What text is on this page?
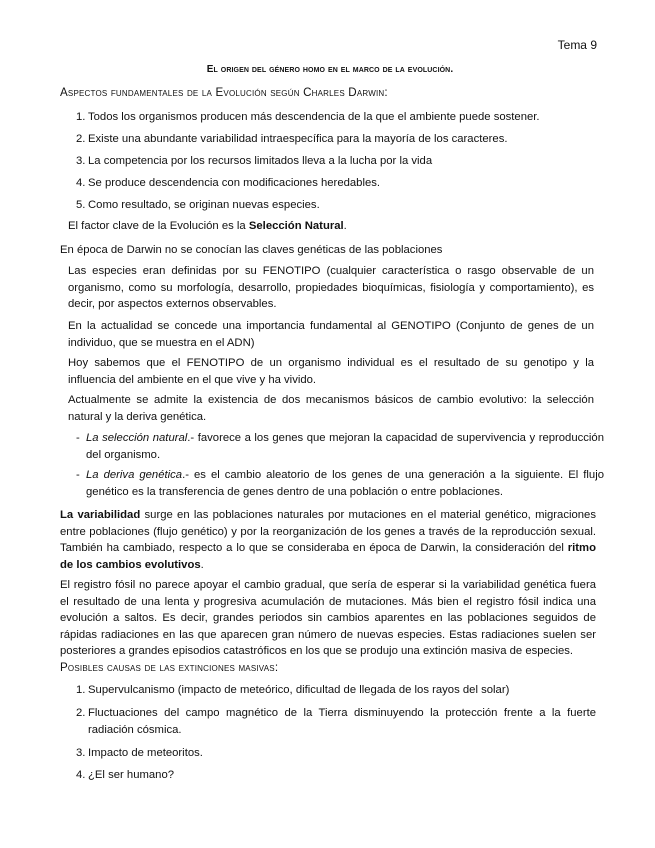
Tema 9
El origen del género homo en el marco de la evolución.
Aspectos fundamentales de la Evolución según Charles Darwin:
1. Todos los organismos producen más descendencia de la que el ambiente puede sostener.
2. Existe una abundante variabilidad intraespecífica para la mayoría de los caracteres.
3. La competencia por los recursos limitados lleva a la lucha por la vida
4. Se produce descendencia con modificaciones heredables.
5. Como resultado, se originan nuevas especies.
El factor clave de la Evolución es la Selección Natural.
En época de Darwin no se conocían las claves genéticas de las poblaciones
Las especies eran definidas por su FENOTIPO (cualquier característica o rasgo observable de un organismo, como su morfología, desarrollo, propiedades bioquímicas, fisiología y comportamiento), es decir, por aspectos externos observables.
En la actualidad se concede una importancia fundamental al GENOTIPO (Conjunto de genes de un individuo, que se muestra en el ADN)
Hoy sabemos que el FENOTIPO de un organismo individual es el resultado de su genotipo y la influencia del ambiente en el que vive y ha vivido.
Actualmente se admite la existencia de dos mecanismos básicos de cambio evolutivo: la selección natural y la deriva genética.
- La selección natural.- favorece a los genes que mejoran la capacidad de supervivencia y reproducción del organismo.
- La deriva genética.- es el cambio aleatorio de los genes de una generación a la siguiente. El flujo genético es la transferencia de genes dentro de una población o entre poblaciones.
La variabilidad surge en las poblaciones naturales por mutaciones en el material genético, migraciones entre poblaciones (flujo genético) y por la reorganización de los genes a través de la reproducción sexual. También ha cambiado, respecto a lo que se consideraba en época de Darwin, la consideración del ritmo de los cambios evolutivos.
El registro fósil no parece apoyar el cambio gradual, que sería de esperar si la variabilidad genética fuera el resultado de una lenta y progresiva acumulación de mutaciones. Más bien el registro fósil indica una evolución a saltos. Es decir, grandes periodos sin cambios aparentes en las poblaciones seguidos de rápidas radiaciones en las que aparecen gran número de nuevas especies. Estas radiaciones suelen ser posteriores a grandes episodios catastróficos en los que se produjo una extinción masiva de especies.
Posibles causas de las extinciones masivas:
1. Supervulcanismo (impacto de meteórico, dificultad de llegada de los rayos del solar)
2. Fluctuaciones del campo magnético de la Tierra disminuyendo la protección frente a la fuerte radiación cósmica.
3. Impacto de meteoritos.
4. ¿El ser humano?
